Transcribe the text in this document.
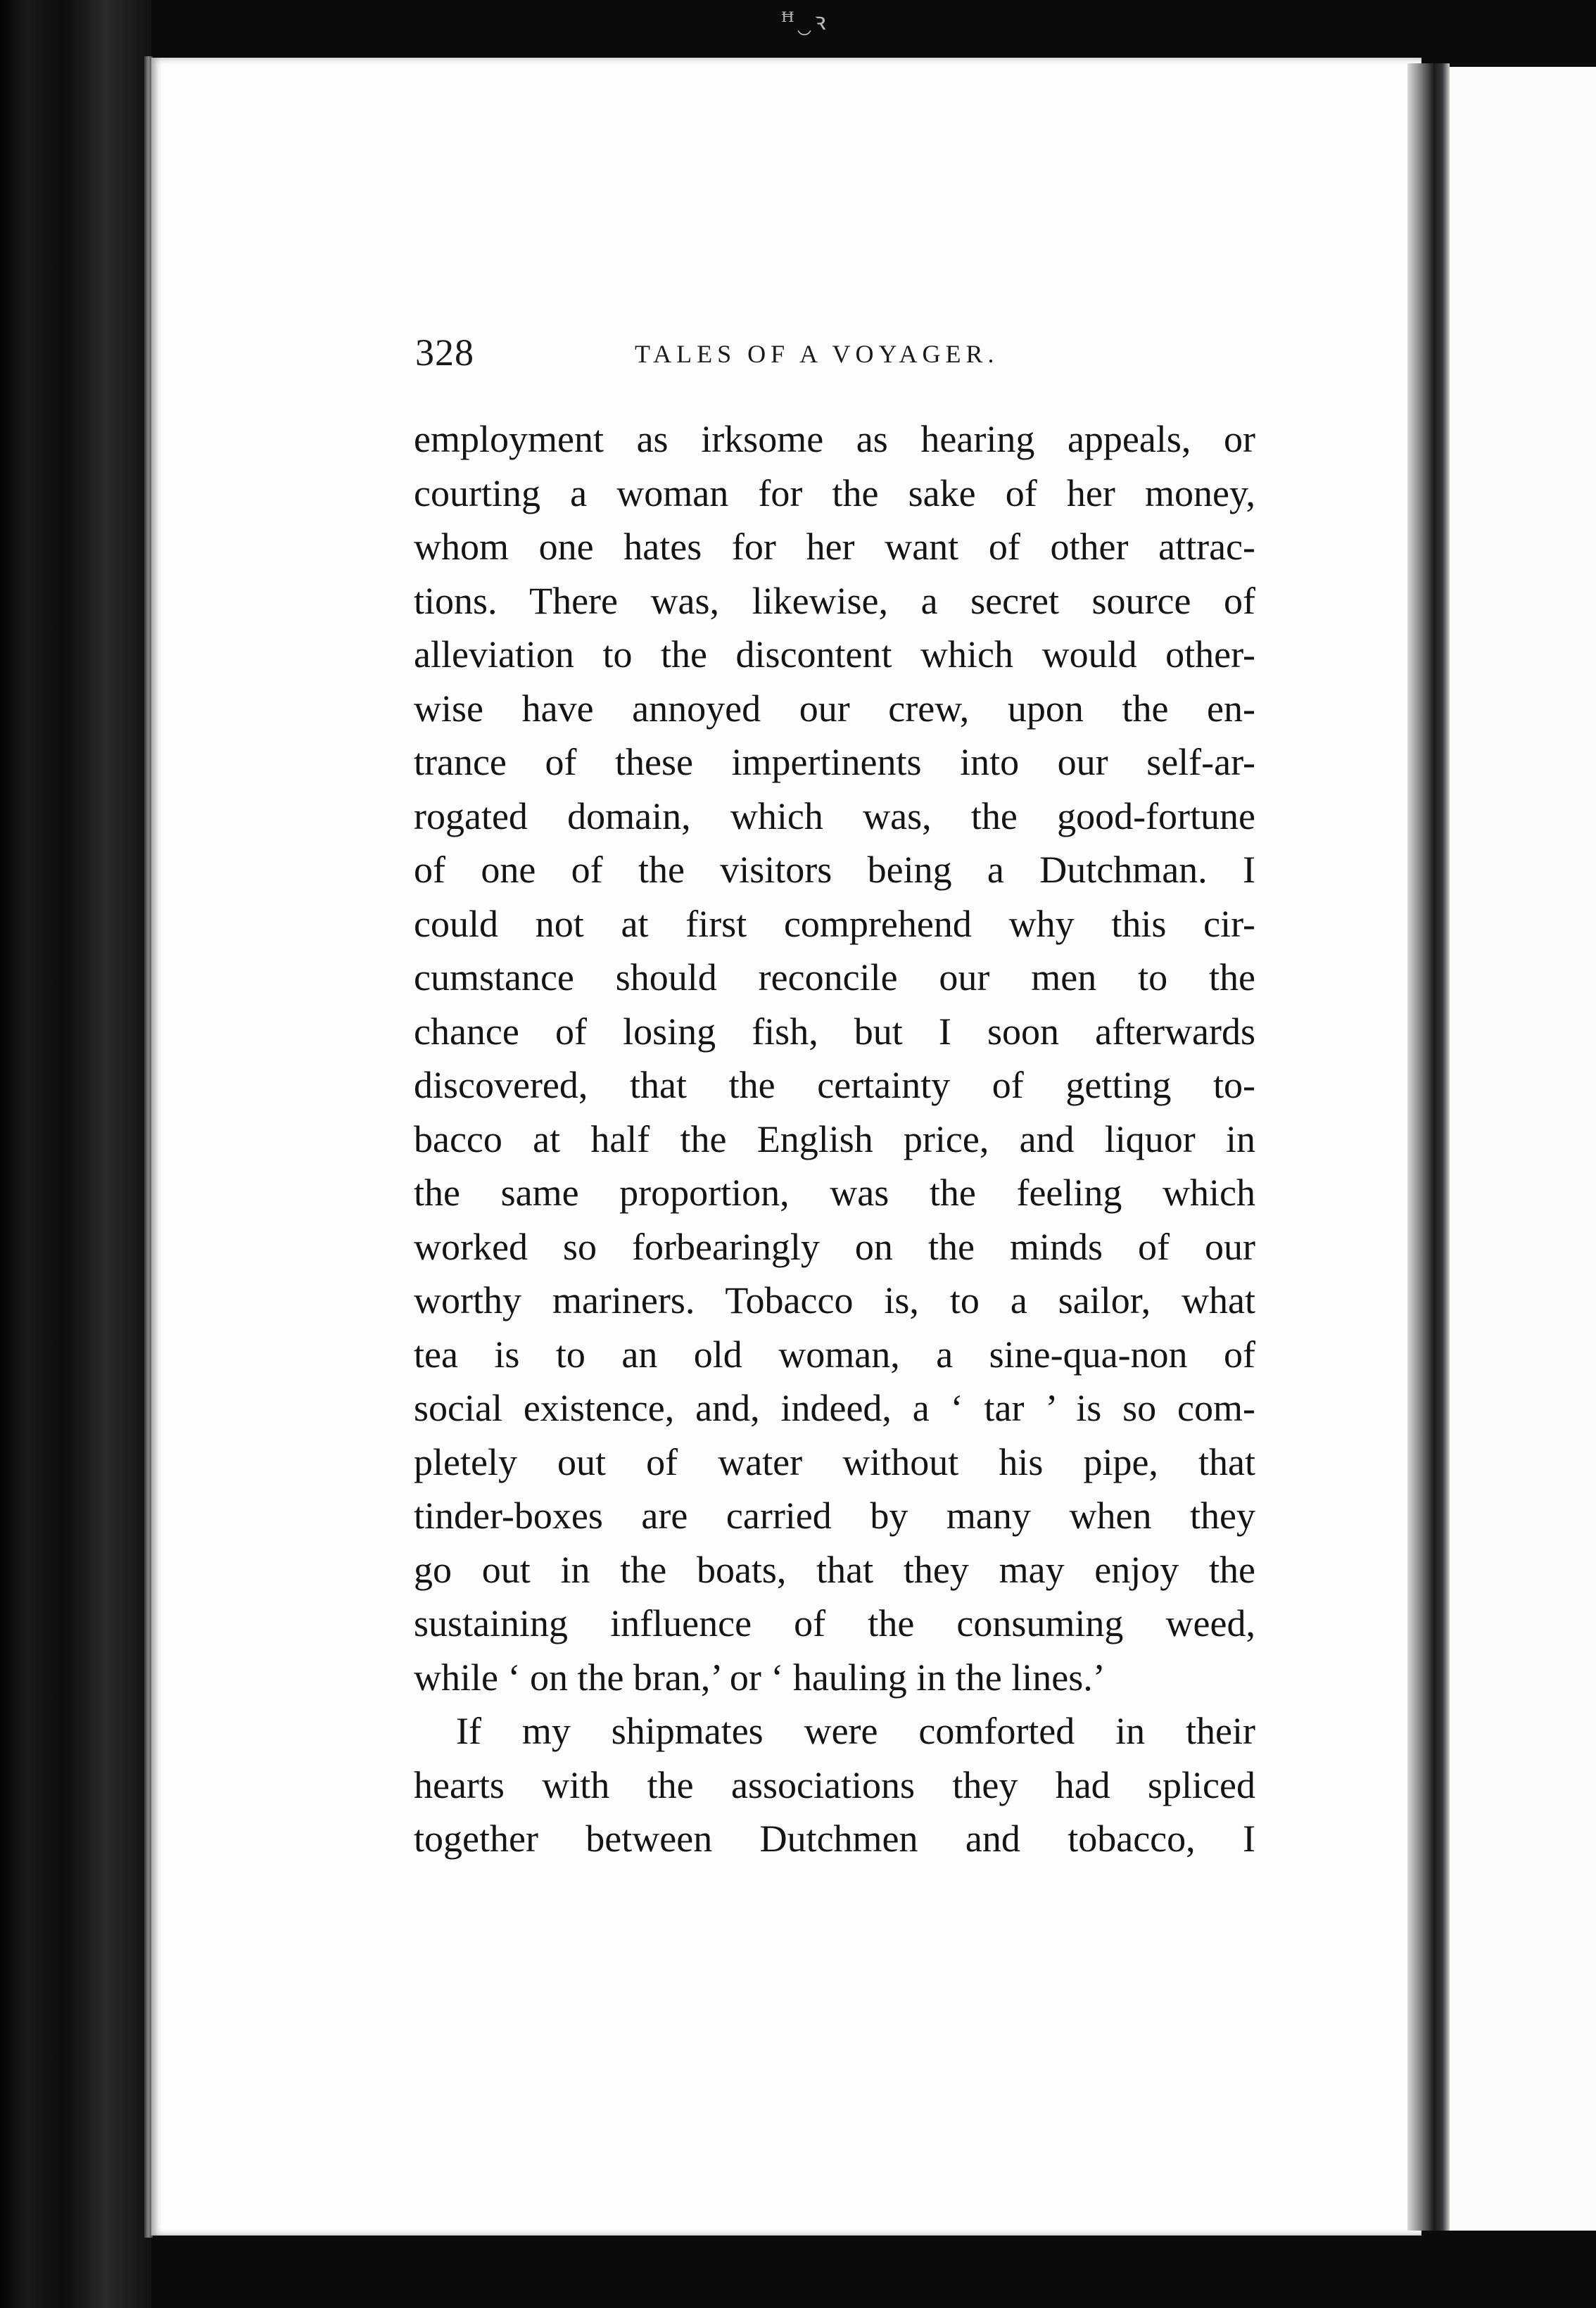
ꟸ‿ꝛ
328	TALES OF A VOYAGER.
employment as irksome as hearing appeals, or
courting a woman for the sake of her money,
whom one hates for her want of other attrac-
tions. There was, likewise, a secret source of
alleviation to the discontent which would other-
wise have annoyed our crew, upon the en-
trance of these impertinents into our self-ar-
rogated domain, which was, the good-fortune
of one of the visitors being a Dutchman. I
could not at first comprehend why this cir-
cumstance should reconcile our men to the
chance of losing fish, but I soon afterwards
discovered, that the certainty of getting to-
bacco at half the English price, and liquor in
the same proportion, was the feeling which
worked so forbearingly on the minds of our
worthy mariners. Tobacco is, to a sailor, what
tea is to an old woman, a sine-qua-non of
social existence, and, indeed, a ‘ tar ’ is so com-
pletely out of water without his pipe, that
tinder-boxes are carried by many when they
go out in the boats, that they may enjoy the
sustaining influence of the consuming weed,
while ‘ on the bran,’ or ‘ hauling in the lines.’
If my shipmates were comforted in their
hearts with the associations they had spliced
together between Dutchmen and tobacco, I
